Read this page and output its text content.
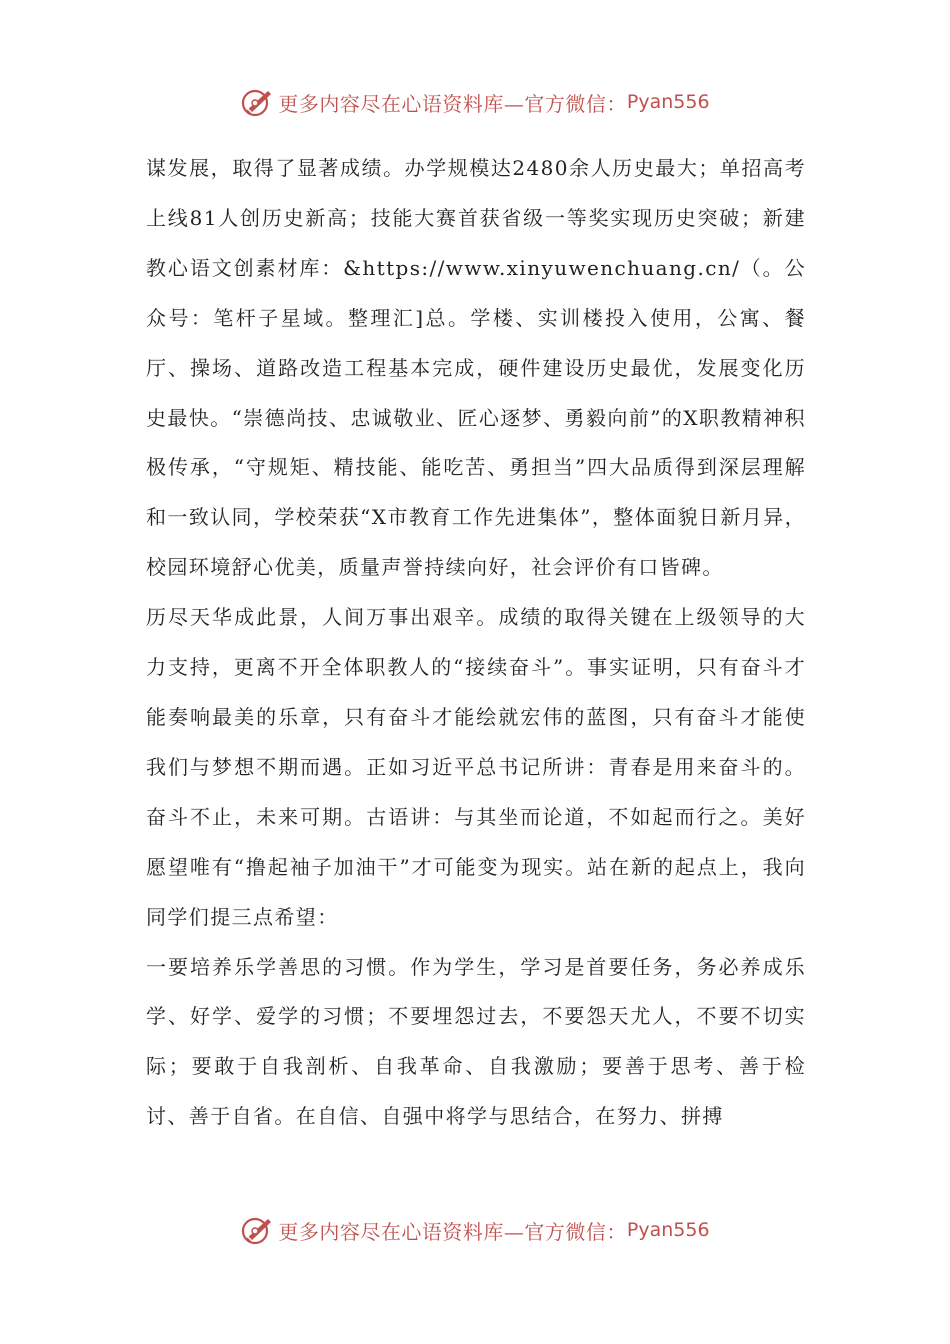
更多内容尽在心语资料库—官方微信： Pyan556

谋发展，取得了显著成绩。办学规模达2480余人历史最大；单招高考上线81人创历史新高；技能大赛首获省级一等奖实现历史突破；新建教心语文创素材库：&https://www.xinyuwenchuang.cn/（。公众号：笔杆子星域。整理汇]总。学楼、实训楼投入使用，公寓、餐厅、操场、道路改造工程基本完成，硬件建设历史最优，发展变化历史最快。“崇德尚技、忠诚敬业、匠心逐梦、勇毅向前”的X职教精神积极传承，“守规矩、精技能、能吃苦、勇担当”四大品质得到深层理解和一致认同，学校荣获“X市教育工作先进集体”，整体面貌日新月异，校园环境舒心优美，质量声誉持续向好，社会评价有口皆碑。

历尽天华成此景，人间万事出艰辛。成绩的取得关键在上级领导的大力支持，更离不开全体职教人的“接续奋斗”。事实证明，只有奋斗才能奏响最美的乐章，只有奋斗才能绘就宏伟的蓝图，只有奋斗才能使我们与梦想不期而遇。正如习近平总书记所讲：青春是用来奋斗的。奋斗不止，未来可期。古语讲：与其坐而论道，不如起而行之。美好愿望唯有“撸起袖子加油干”才可能变为现实。站在新的起点上，我向同学们提三点希望：

一要培养乐学善思的习惯。作为学生，学习是首要任务，务必养成乐学、好学、爱学的习惯；不要埋怨过去，不要怨天尤人，不要不切实际；要敢于自我剖析、自我革命、自我激励；要善于思考、善于检讨、善于自省。在自信、自强中将学与思结合，在努力、拼搏

更多内容尽在心语资料库—官方微信： Pyan556
